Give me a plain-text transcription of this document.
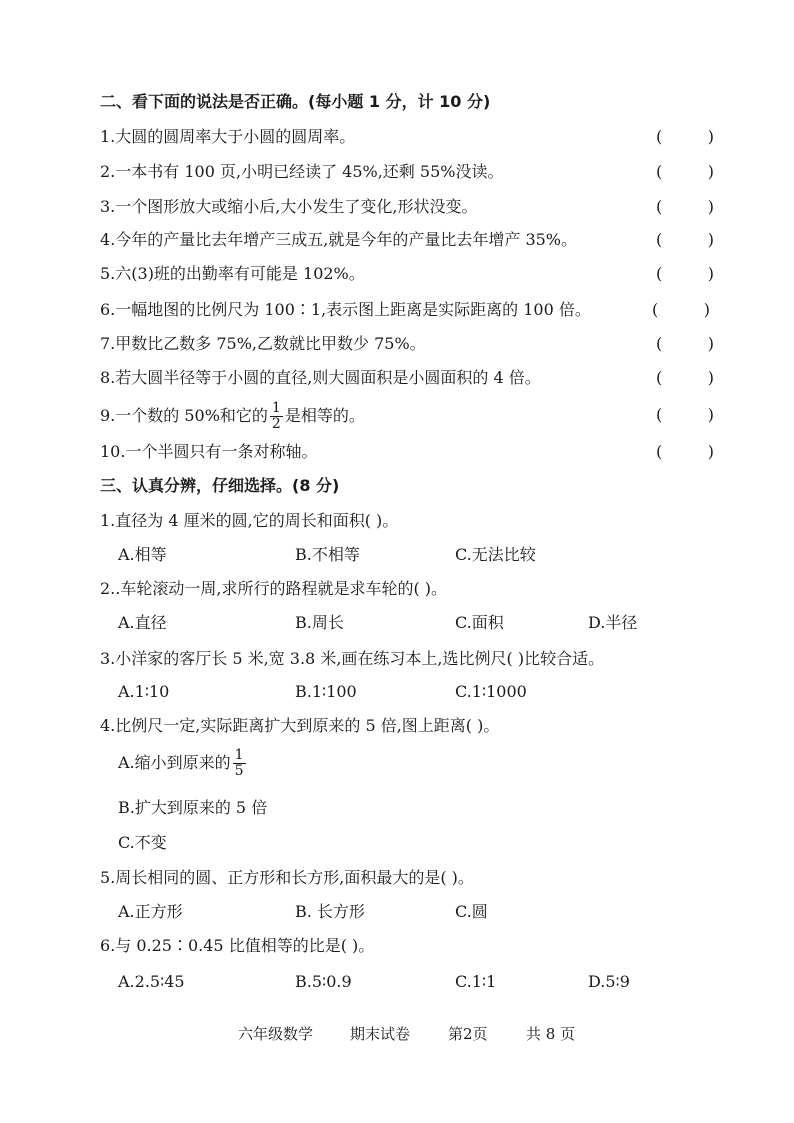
二、看下面的说法是否正确。(每小题 1 分，计 10 分)
1.大圆的圆周率大于小圆的圆周率。	(	)
2.一本书有 100 页,小明已经读了 45%,还剩 55%没读。	(	)
3.一个图形放大或缩小后,大小发生了变化,形状没变。	(	)
4.今年的产量比去年增产三成五,就是今年的产量比去年增产 35%。	(	)
5.六(3)班的出勤率有可能是 102%。	(	)
6.一幅地图的比例尺为 100∶1,表示图上距离是实际距离的 100 倍。	(	)
7.甲数比乙数多 75%,乙数就比甲数少 75%。	(	)
8.若大圆半径等于小圆的直径,则大圆面积是小圆面积的 4 倍。	(	)
9.一个数的 50%和它的 $\frac{1}{2}$ 是相等的。	(	)
10.一个半圆只有一条对称轴。	(	)
三、认真分辨，仔细选择。(8 分)
1.直径为 4 厘米的圆,它的周长和面积( )。
A.相等	B.不相等	C.无法比较
2..车轮滚动一周,求所行的路程就是求车轮的( )。
A.直径	B.周长	C.面积	D.半径
3.小洋家的客厅长 5 米,宽 3.8 米,画在练习本上,选比例尺( )比较合适。
A.1∶10	B.1∶100	C.1∶1000
4.比例尺一定,实际距离扩大到原来的 5 倍,图上距离( )。
A.缩小到原来的 $\frac{1}{5}$
B.扩大到原来的 5 倍
C.不变
5.周长相同的圆、正方形和长方形,面积最大的是( )。
A.正方形	B. 长方形	C.圆
6.与 0.25∶0.45 比值相等的比是( )。
A.2.5∶45	B.5∶0.9	C.1∶1	D.5∶9
六年级数学 期末试卷	第2页	共 8 页
